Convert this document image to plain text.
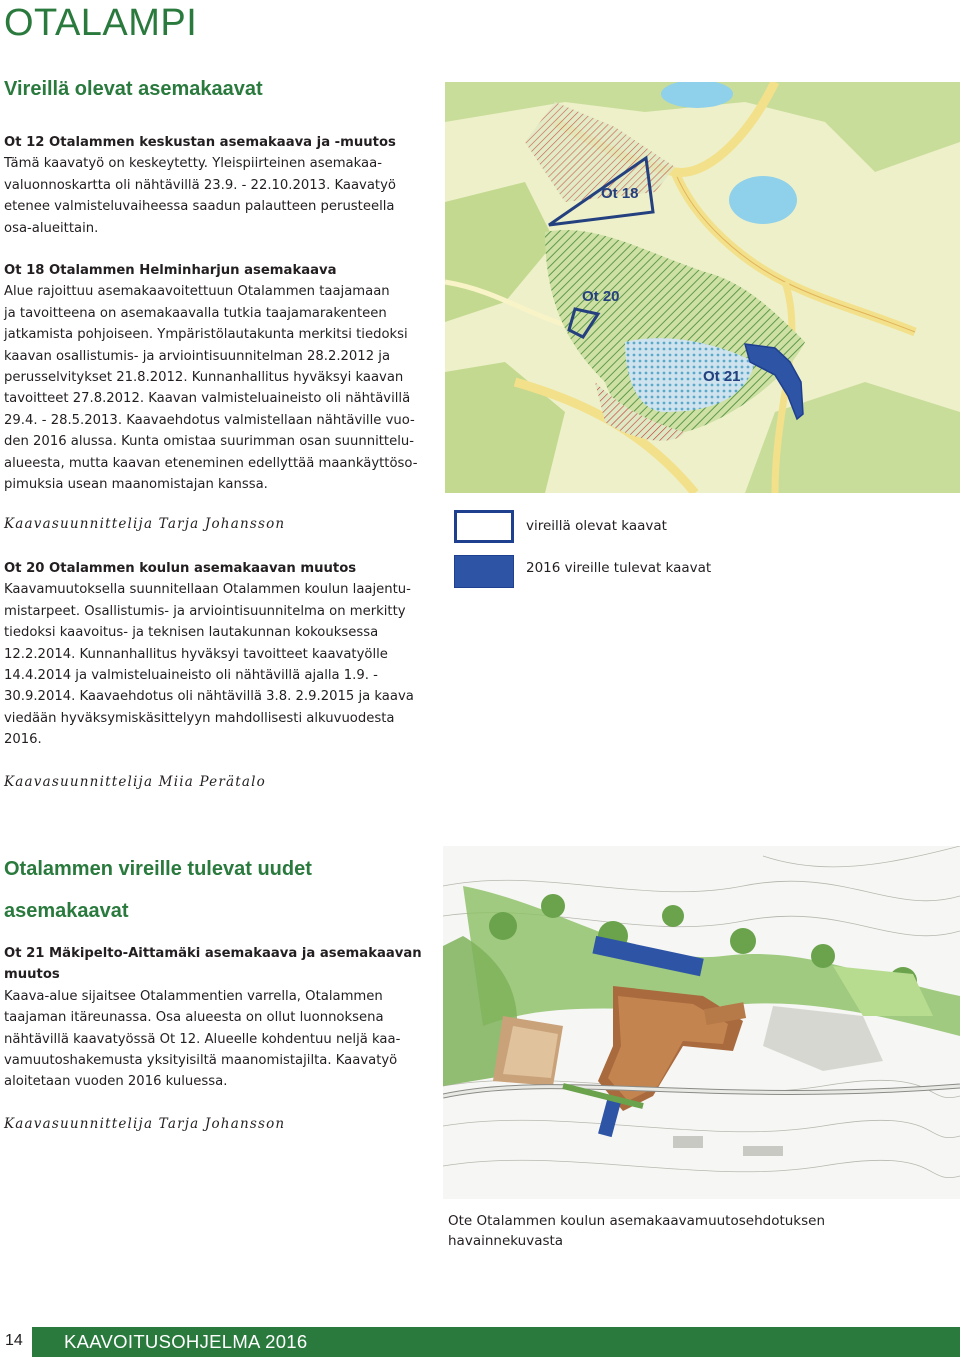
OTALAMPI
Vireillä olevat asemakaavat

Ot 12 Otalammen keskustan asemakaava ja -muutos

Tämä kaavatyö on keskeytetty. Yleispiirteinen asemakaa-
valuonnoskartta oli nähtävillä 23.9. - 22.10.2013. Kaavatyö
etenee valmisteluvaiheessa saadun palautteen perusteella
osa-alueittain.

Ot 18 Otalammen Helminharjun asemakaava

Alue rajoittuu asemakaavoitettuun Otalammen taajamaan
ja tavoitteena on asemakaavalla tutkia taajamarakenteen
jatkamista pohjoiseen. Ympäristölautakunta merkitsi tiedoksi
kaavan osallistumis- ja arviointisuunnitelman 28.2.2012 ja
perusselvitykset 21.8.2012. Kunnanhallitus hyväksyi kaavan
tavoitteet 27.8.2012. Kaavan valmisteluaineisto oli nähtävillä
29.4. - 28.5.2013. Kaavaehdotus valmistellaan nähtäville vuo-
den 2016 alussa. Kunta omistaa suurimman osan suunnittelu-
alueesta, mutta kaavan eteneminen edellyttää maankäyttöso-
pimuksia usean maanomistajan kanssa.

Kaavasuunnittelija Tarja Johansson

Ot 20 Otalammen koulun asemakaavan muutos

Kaavamuutoksella suunnitellaan Otalammen koulun laajentu-
mistarpeet. Osallistumis- ja arviointisuunnitelma on merkitty
tiedoksi kaavoitus- ja teknisen lautakunnan kokouksessa
12.2.2014. Kunnanhallitus hyväksyi tavoitteet kaavatyölle
14.4.2014 ja valmisteluaineisto oli nähtävillä ajalla 1.9. -
30.9.2014. Kaavaehdotus oli nähtävillä 3.8. 2.9.2015 ja kaava
viedään hyväksymiskäsittelyyn mahdollisesti alkuvuodesta
2016.

Kaavasuunnittelija Miia Perätalo
Ot 18
Ot 20
Ot 21
vireillä olevat kaavat
2016 vireille tulevat kaavat
Otalammen vireille tulevat uudet
asemakaavat

Ot 21 Mäkipelto-Aittamäki asemakaava ja asemakaavan
muutos

Kaava-alue sijaitsee Otalammentien varrella, Otalammen
taajaman itäreunassa. Osa alueesta on ollut luonnoksena
nähtävillä kaavatyössä Ot 12. Alueelle kohdentuu neljä kaa-
vamuutoshakemusta yksityisiltä maanomistajilta. Kaavatyö
aloitetaan vuoden 2016 kuluessa.

Kaavasuunnittelija Tarja Johansson
Ote Otalammen koulun asemakaavamuutosehdotuksen
havainnekuvasta
14	KAAVOITUSOHJELMA 2016
